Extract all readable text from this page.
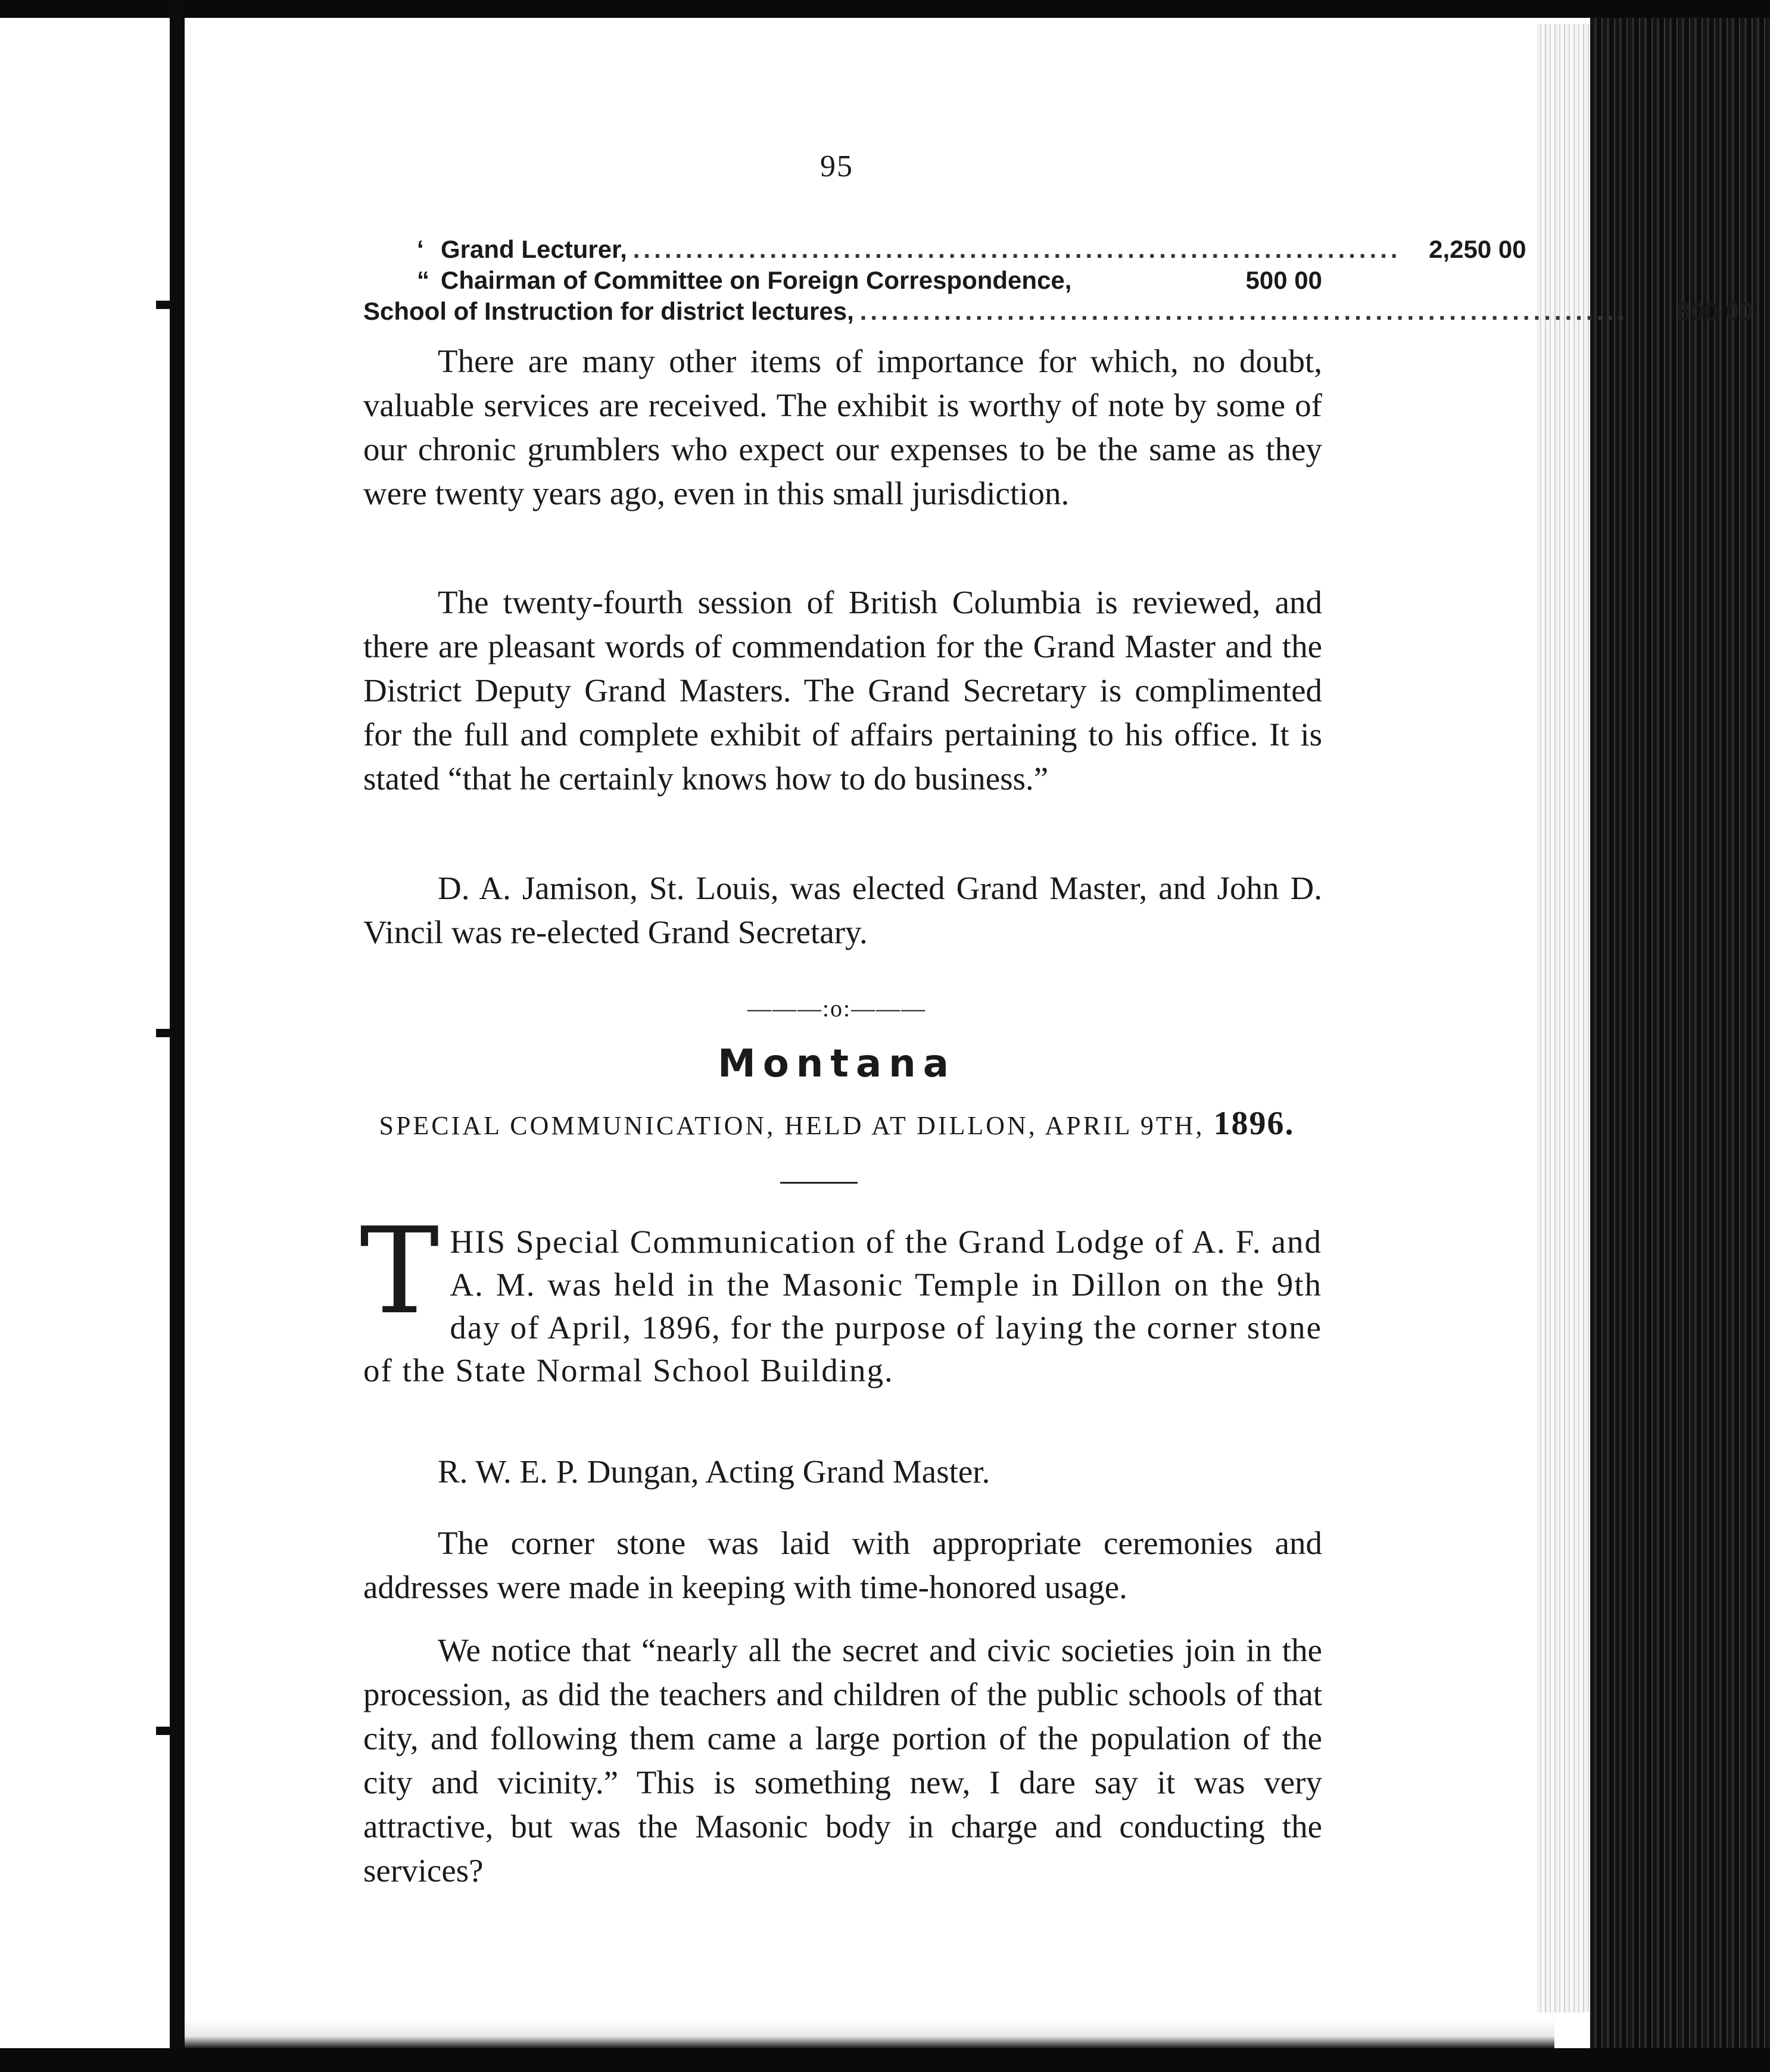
95

‘ Grand Lecturer, .........................................................................	2,250 00
“ Chairman of Committee on Foreign Correspondence,	500 00
School of Instruction for district lectures, .........................................................................	800 00

There are many other items of importance for which, no doubt, valuable services are received. The exhibit is worthy of note by some of our chronic grumblers who expect our expenses to be the same as they were twenty years ago, even in this small jurisdiction.

The twenty-fourth session of British Columbia is reviewed, and there are pleasant words of commendation for the Grand Master and the District Deputy Grand Masters. The Grand Secretary is complimented for the full and complete exhibit of affairs pertaining to his office. It is stated “that he certainly knows how to do business.”

D. A. Jamison, St. Louis, was elected Grand Master, and John D. Vincil was re-elected Grand Secretary.

———:o:———

Montana

SPECIAL COMMUNICATION, HELD AT DILLON, APRIL 9TH, 1896.

THIS Special Communication of the Grand Lodge of A. F. and A. M. was held in the Masonic Temple in Dillon on the 9th day of April, 1896, for the purpose of laying the corner stone of the State Normal School Building.

R. W. E. P. Dungan, Acting Grand Master.

The corner stone was laid with appropriate ceremonies and addresses were made in keeping with time-honored usage.

We notice that “nearly all the secret and civic societies join in the procession, as did the teachers and children of the public schools of that city, and following them came a large portion of the population of the city and vicinity.” This is something new, I dare say it was very attractive, but was the Masonic body in charge and conducting the services?
